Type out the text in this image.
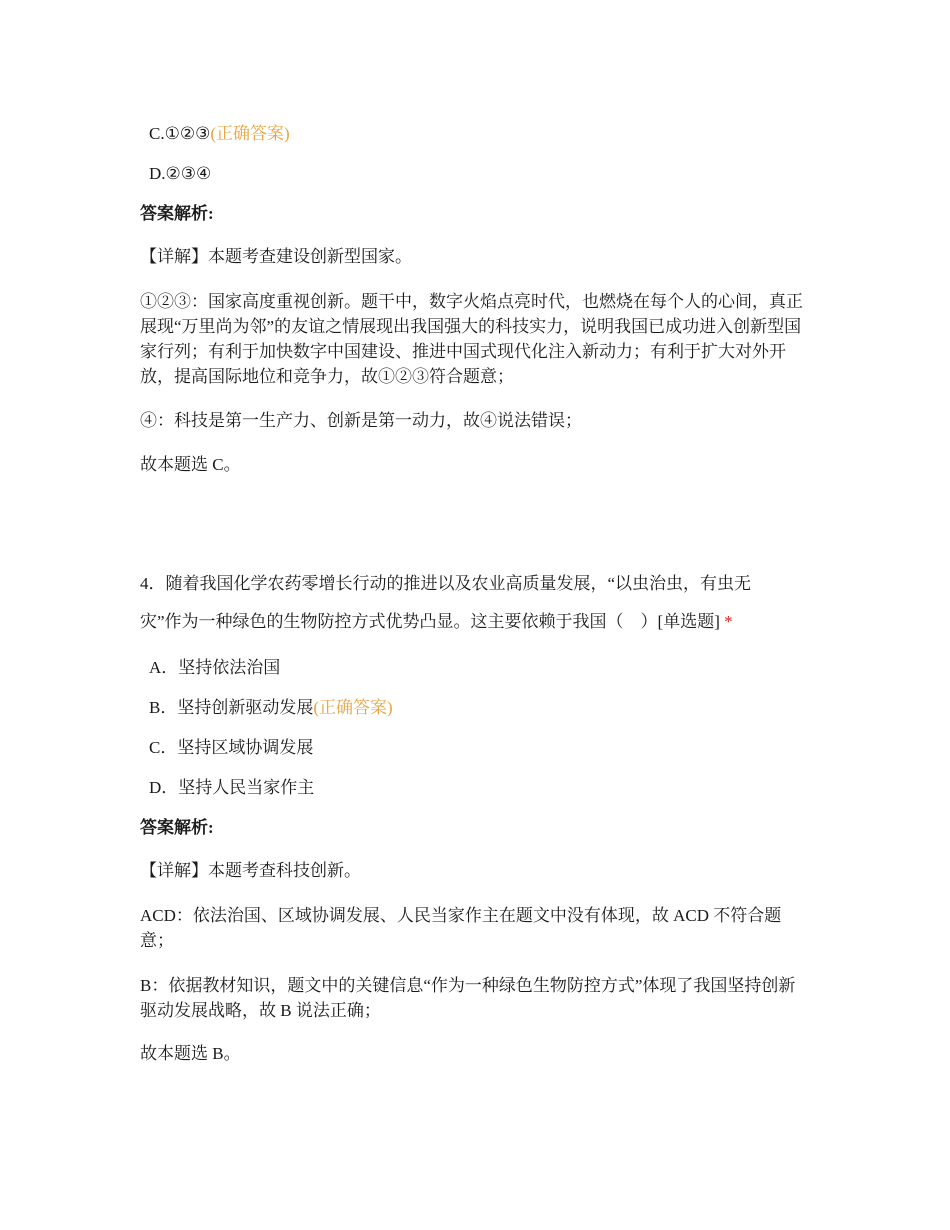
C.①②③(正确答案)
D.②③④
答案解析:
【详解】本题考查建设创新型国家。
①②③：国家高度重视创新。题干中，数字火焰点亮时代，也燃烧在每个人的心间，真正展现“万里尚为邻”的友谊之情展现出我国强大的科技实力，说明我国已成功进入创新型国家行列；有利于加快数字中国建设、推进中国式现代化注入新动力；有利于扩大对外开放，提高国际地位和竞争力，故①②③符合题意；
④：科技是第一生产力、创新是第一动力，故④说法错误；
故本题选 C。
4．随着我国化学农药零增长行动的推进以及农业高质量发展，“以虫治虫，有虫无
灾”作为一种绿色的生物防控方式优势凸显。这主要依赖于我国（　）[单选题] *
A．坚持依法治国
B．坚持创新驱动发展(正确答案)
C．坚持区域协调发展
D．坚持人民当家作主
答案解析:
【详解】本题考查科技创新。
ACD：依法治国、区域协调发展、人民当家作主在题文中没有体现，故 ACD 不符合题意；
B：依据教材知识，题文中的关键信息“作为一种绿色生物防控方式”体现了我国坚持创新驱动发展战略，故 B 说法正确；
故本题选 B。
